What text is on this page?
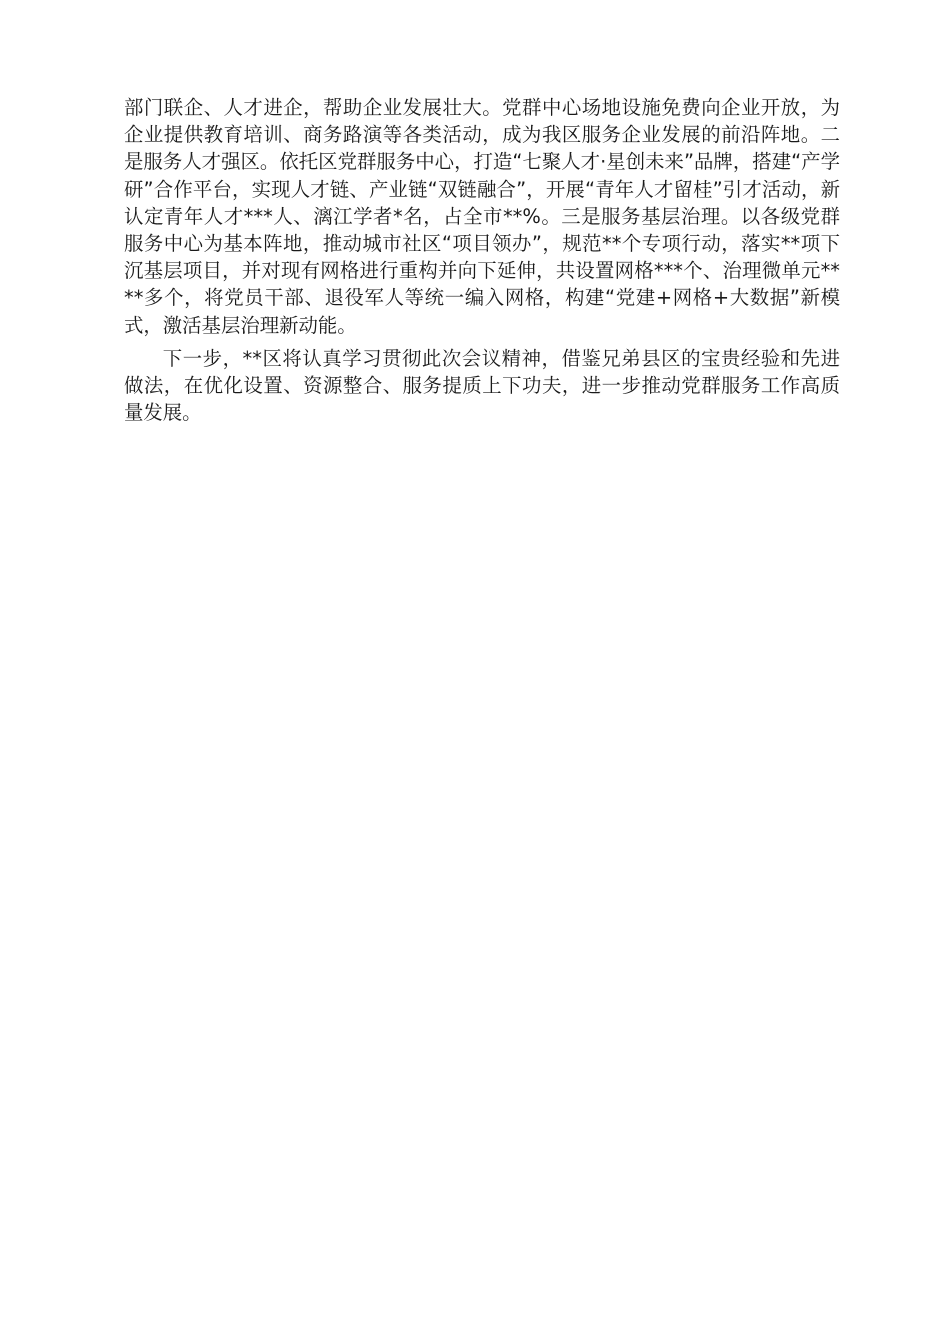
部门联企、人才进企，帮助企业发展壮大。党群中心场地设施免费向企业开放，为企业提供教育培训、商务路演等各类活动，成为我区服务企业发展的前沿阵地。二是服务人才强区。依托区党群服务中心，打造“七聚人才·星创未来”品牌，搭建“产学研”合作平台，实现人才链、产业链“双链融合”，开展“青年人才留桂”引才活动，新认定青年人才***人、漓江学者*名，占全市**%。三是服务基层治理。以各级党群服务中心为基本阵地，推动城市社区“项目领办”，规范**个专项行动，落实**项下沉基层项目，并对现有网格进行重构并向下延伸，共设置网格***个、治理微单元****多个，将党员干部、退役军人等统一编入网格，构建“党建+网格+大数据”新模式，激活基层治理新动能。

下一步，**区将认真学习贯彻此次会议精神，借鉴兄弟县区的宝贵经验和先进做法，在优化设置、资源整合、服务提质上下功夫，进一步推动党群服务工作高质量发展。
